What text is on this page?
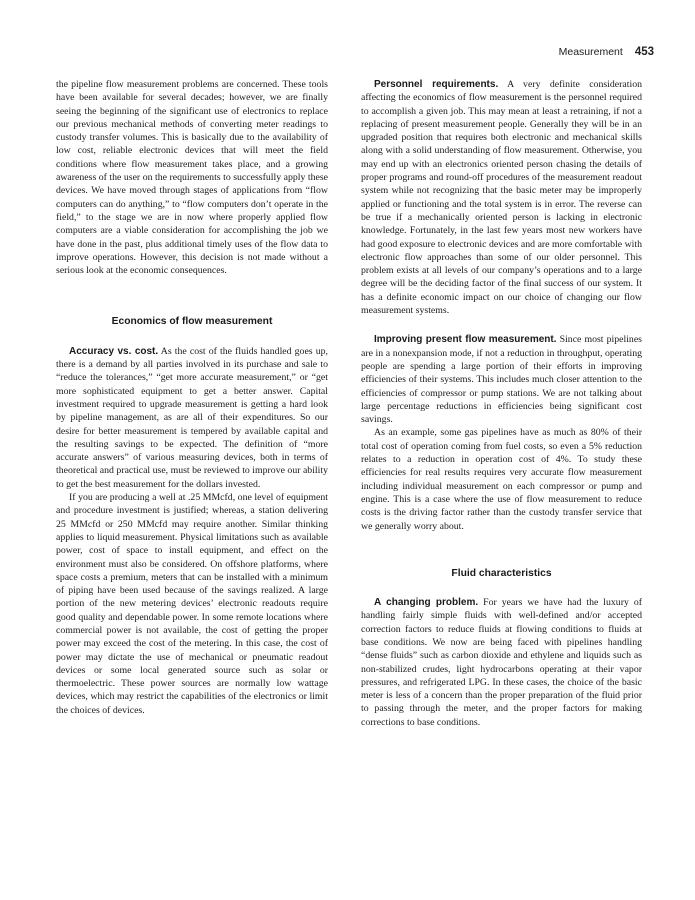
Measurement 453

the pipeline flow measurement problems are concerned. These tools have been available for several decades; however, we are finally seeing the beginning of the significant use of electronics to replace our previous mechanical methods of converting meter readings to custody transfer volumes. This is basically due to the availability of low cost, reliable electronic devices that will meet the field conditions where flow measurement takes place, and a growing awareness of the user on the requirements to successfully apply these devices. We have moved through stages of applications from “flow computers can do anything,” to “flow computers don’t operate in the field,” to the stage we are in now where properly applied flow computers are a viable consideration for accomplishing the job we have done in the past, plus additional timely uses of the flow data to improve operations. However, this decision is not made without a serious look at the economic consequences.

Economics of flow measurement

Accuracy vs. cost. As the cost of the fluids handled goes up, there is a demand by all parties involved in its purchase and sale to “reduce the tolerances,” “get more accurate measurement,” or “get more sophisticated equipment to get a better answer. Capital investment required to upgrade measurement is getting a hard look by pipeline management, as are all of their expenditures. So our desire for better measurement is tempered by available capital and the resulting savings to be expected. The definition of “more accurate answers” of various measuring devices, both in terms of theoretical and practical use, must be reviewed to improve our ability to get the best measurement for the dollars invested.

If you are producing a well at .25 MMcfd, one level of equipment and procedure investment is justified; whereas, a station delivering 25 MMcfd or 250 MMcfd may require another. Similar thinking applies to liquid measurement. Physical limitations such as available power, cost of space to install equipment, and effect on the environment must also be considered. On offshore platforms, where space costs a premium, meters that can be installed with a minimum of piping have been used because of the savings realized. A large portion of the new metering devices’ electronic readouts require good quality and dependable power. In some remote locations where commercial power is not available, the cost of getting the proper power may exceed the cost of the metering. In this case, the cost of power may dictate the use of mechanical or pneumatic readout devices or some local generated source such as solar or thermoelectric. These power sources are normally low wattage devices, which may restrict the capabilities of the electronics or limit the choices of devices.

Personnel requirements. A very definite consideration affecting the economics of flow measurement is the personnel required to accomplish a given job. This may mean at least a retraining, if not a replacing of present measurement people. Generally they will be in an upgraded position that requires both electronic and mechanical skills along with a solid understanding of flow measurement. Otherwise, you may end up with an electronics oriented person chasing the details of proper programs and round-off procedures of the measurement readout system while not recognizing that the basic meter may be improperly applied or functioning and the total system is in error. The reverse can be true if a mechanically oriented person is lacking in electronic knowledge. Fortunately, in the last few years most new workers have had good exposure to electronic devices and are more comfortable with electronic flow approaches than some of our older personnel. This problem exists at all levels of our company’s operations and to a large degree will be the deciding factor of the final success of our system. It has a definite economic impact on our choice of changing our flow measurement systems.

Improving present flow measurement. Since most pipelines are in a nonexpansion mode, if not a reduction in throughput, operating people are spending a large portion of their efforts in improving efficiencies of their systems. This includes much closer attention to the efficiencies of compressor or pump stations. We are not talking about large percentage reductions in efficiencies being significant cost savings.

As an example, some gas pipelines have as much as 80% of their total cost of operation coming from fuel costs, so even a 5% reduction relates to a reduction in operation cost of 4%. To study these efficiencies for real results requires very accurate flow measurement including individual measurement on each compressor or pump and engine. This is a case where the use of flow measurement to reduce costs is the driving factor rather than the custody transfer service that we generally worry about.

Fluid characteristics

A changing problem. For years we have had the luxury of handling fairly simple fluids with well-defined and/or accepted correction factors to reduce fluids at flowing conditions to fluids at base conditions. We now are being faced with pipelines handling “dense fluids” such as carbon dioxide and ethylene and liquids such as non-stabilized crudes, light hydrocarbons operating at their vapor pressures, and refrigerated LPG. In these cases, the choice of the basic meter is less of a concern than the proper preparation of the fluid prior to passing through the meter, and the proper factors for making corrections to base conditions.
